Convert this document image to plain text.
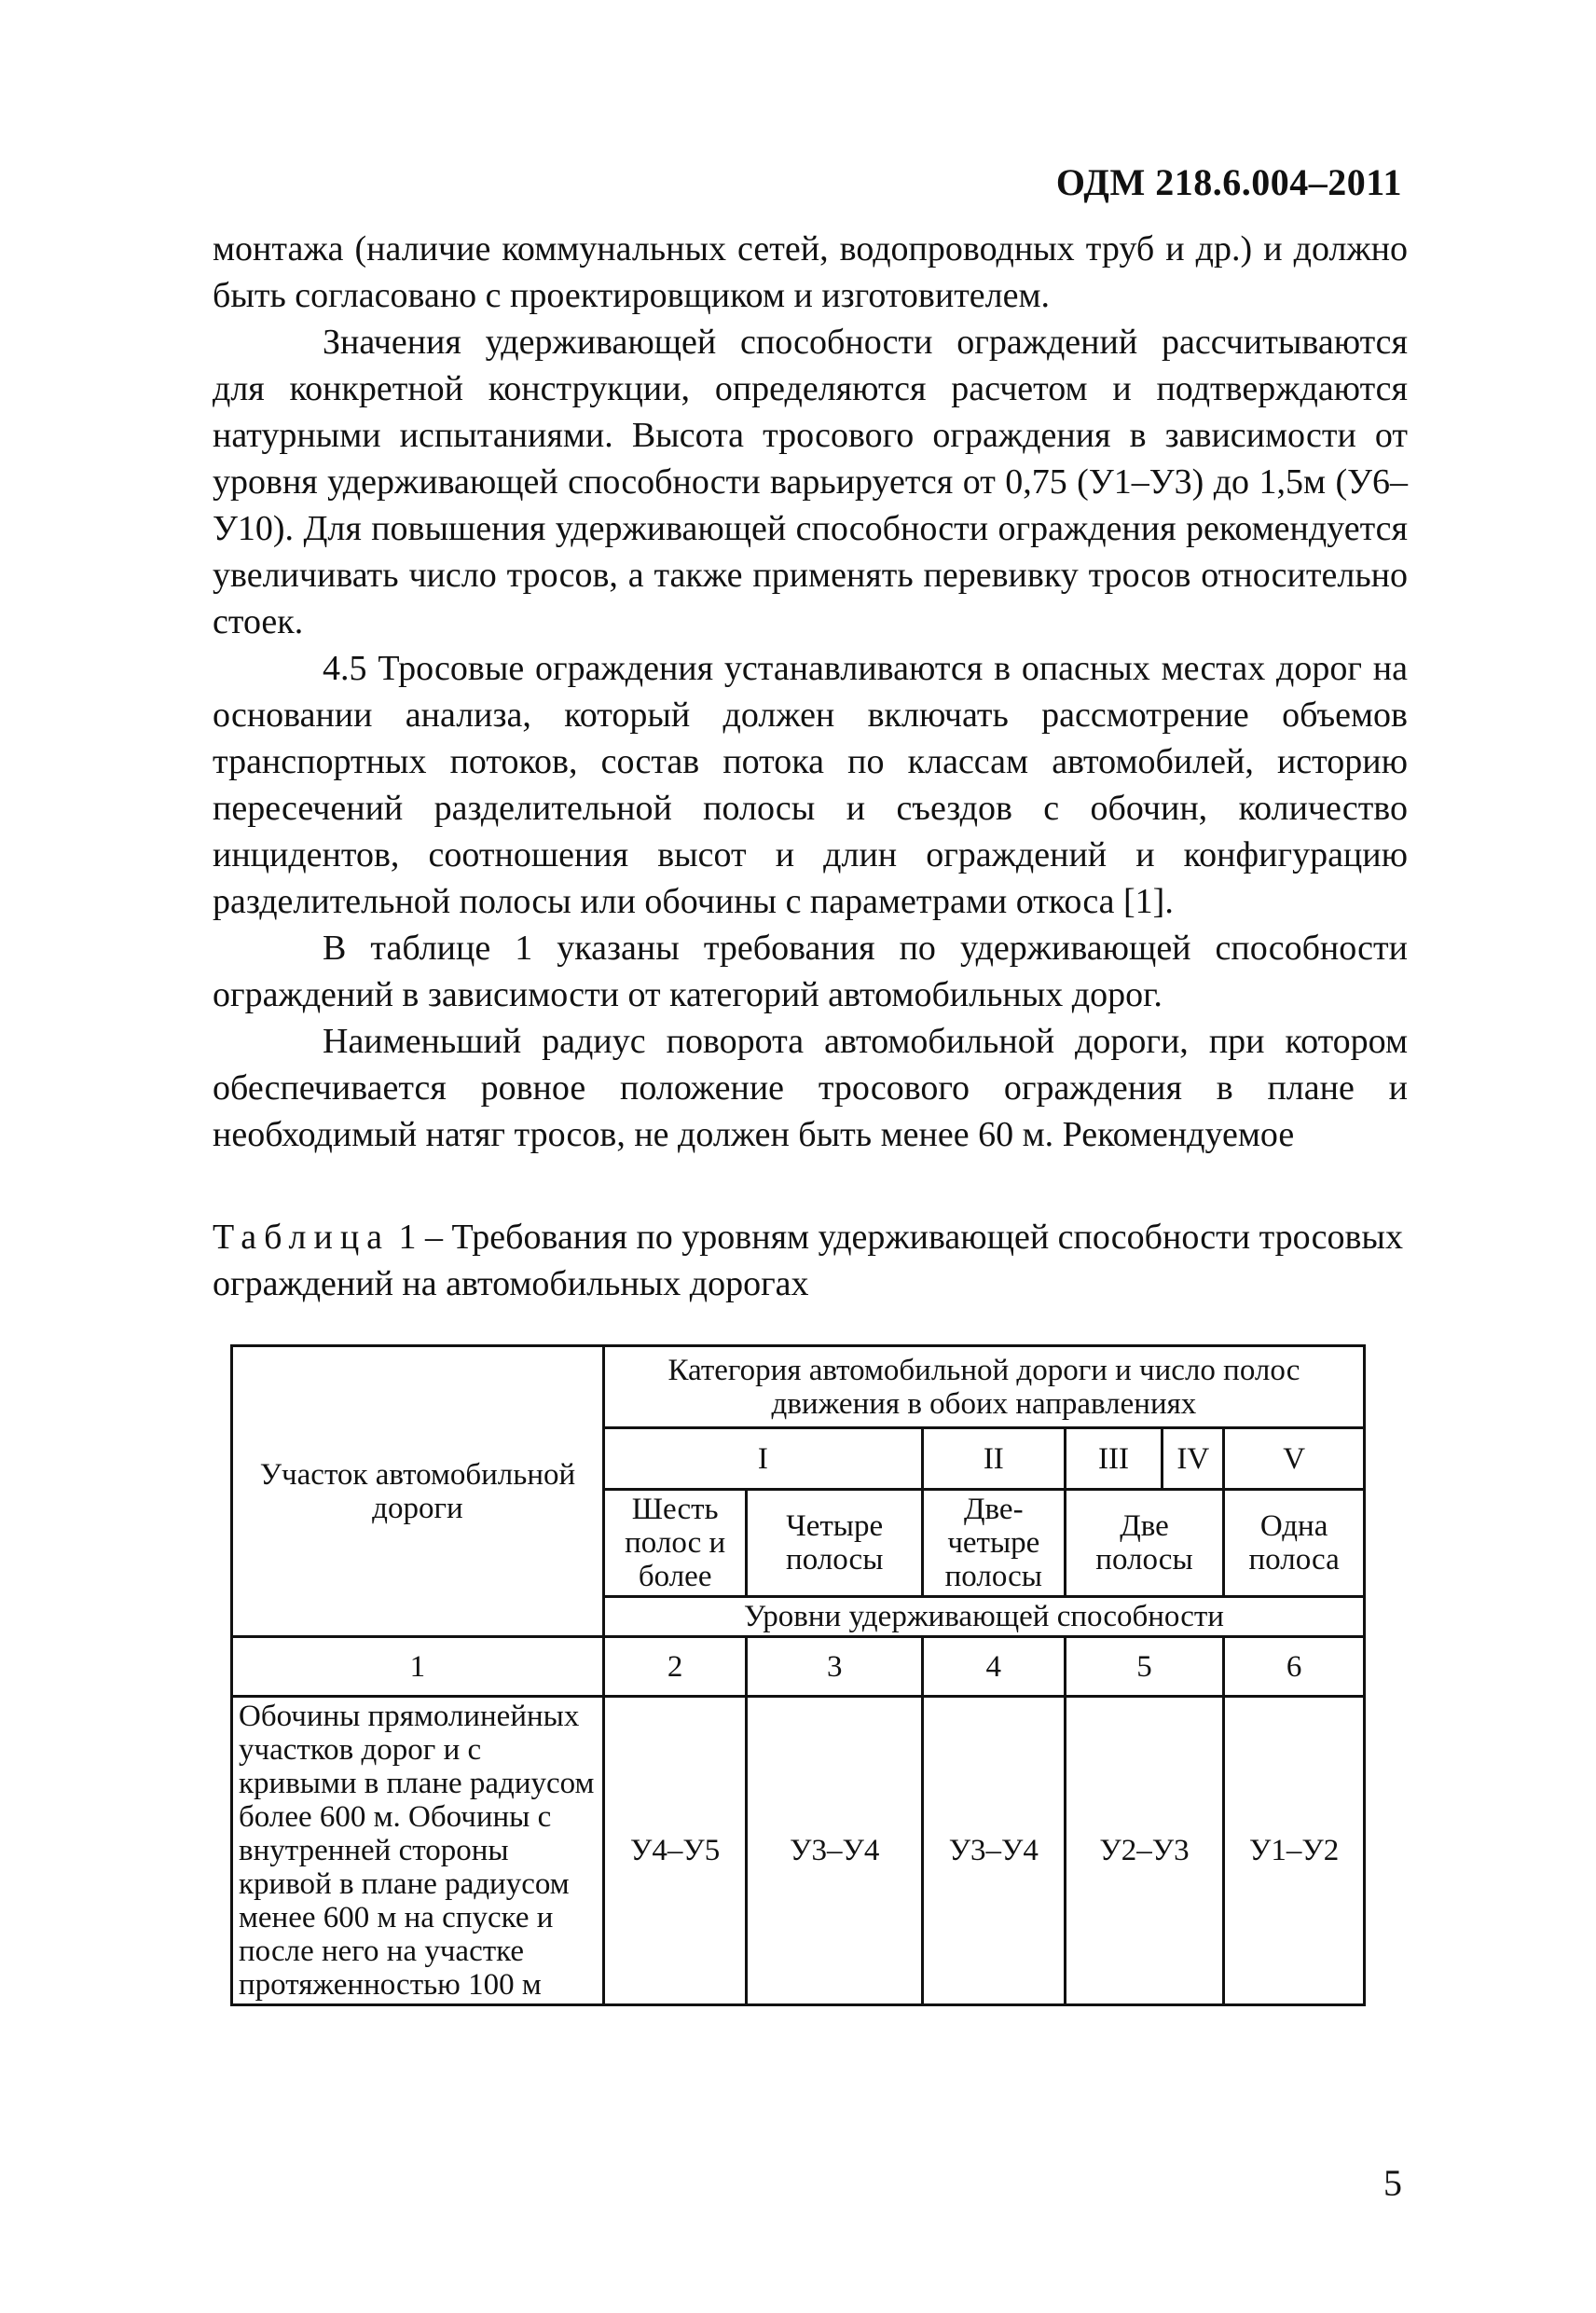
ОДМ 218.6.004–2011

монтажа (наличие коммунальных сетей, водопроводных труб и др.) и должно быть согласовано с проектировщиком и изготовителем.

Значения удерживающей способности ограждений рассчитываются для конкретной конструкции, определяются расчетом и подтверждаются натурными испытаниями. Высота тросового ограждения в зависимости от уровня удерживающей способности варьируется от 0,75 (У1–У3) до 1,5м (У6–У10). Для повышения удерживающей способности ограждения рекомендуется увеличивать число тросов, а также применять перевивку тросов относительно стоек.

4.5 Тросовые ограждения устанавливаются в опасных местах дорог на основании анализа, который должен включать рассмотрение объемов транспортных потоков, состав потока по классам автомобилей, историю пересечений разделительной полосы и съездов с обочин, количество инцидентов, соотношения высот и длин ограждений и конфигурацию разделительной полосы или обочины с параметрами откоса [1].

В таблице 1 указаны требования по удерживающей способности ограждений в зависимости от категорий автомобильных дорог.

Наименьший радиус поворота автомобильной дороги, при котором обеспечивается ровное положение тросового ограждения в плане и необходимый натяг тросов, не должен быть менее 60 м. Рекомендуемое

Таблица 1 – Требования по уровням удерживающей способности тросовых ограждений на автомобильных дорогах
Участок автомобильной дороги	Категория автомобильной дороги и число полос движения в обоих направлениях					
	I		II	III	IV	V
	Шесть полос и более	Четыре полосы	Две-четыре полосы	Две полосы		Одна полоса
	Уровни удерживающей способности					
1	2	3	4	5		6
Обочины прямолинейных участков дорог и с кривыми в плане радиусом более 600 м. Обочины с внутренней стороны кривой в плане радиусом менее 600 м на спуске и после него на участке протяженностью 100 м	У4–У5	У3–У4	У3–У4	У2–У3		У1–У2
5
